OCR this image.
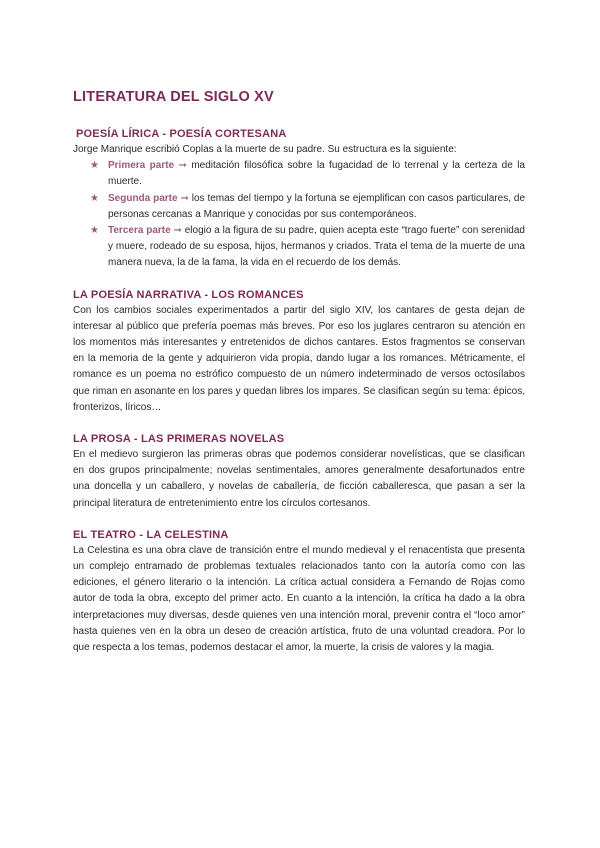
LITERATURA DEL SIGLO XV
POESÍA LÍRICA - POESÍA CORTESANA

Jorge Manrique escribió Coplas a la muerte de su padre. Su estructura es la siguiente:

★ Primera parte ➞ meditación filosófica sobre la fugacidad de lo terrenal y la certeza de la muerte.
★ Segunda parte ➞ los temas del tiempo y la fortuna se ejemplifican con casos particulares, de personas cercanas a Manrique y conocidas por sus contemporáneos.
★ Tercera parte ➞ elogio a la figura de su padre, quien acepta este “trago fuerte” con serenidad y muere, rodeado de su esposa, hijos, hermanos y criados. Trata el tema de la muerte de una manera nueva, la de la fama, la vida en el recuerdo de los demás.
LA POESÍA NARRATIVA - LOS ROMANCES

Con los cambios sociales experimentados a partir del siglo XIV, los cantares de gesta dejan de interesar al público que prefería poemas más breves. Por eso los juglares centraron su atención en los momentos más interesantes y entretenidos de dichos cantares. Estos fragmentos se conservan en la memoria de la gente y adquirieron vida propia, dando lugar a los romances. Métricamente, el romance es un poema no estrófico compuesto de un número indeterminado de versos octosílabos que riman en asonante en los pares y quedan libres los impares. Se clasifican según su tema: épicos, fronterizos, líricos…

LA PROSA - LAS PRIMERAS NOVELAS

En el medievo surgieron las primeras obras que podemos considerar novelísticas, que se clasifican en dos grupos principalmente; novelas sentimentales, amores generalmente desafortunados entre una doncella y un caballero, y novelas de caballería, de ficción caballeresca, que pasan a ser la principal literatura de entretenimiento entre los círculos cortesanos.

EL TEATRO - LA CELESTINA

La Celestina es una obra clave de transición entre el mundo medieval y el renacentista que presenta un complejo entramado de problemas textuales relacionados tanto con la autoría como con las ediciones, el género literario o la intención. La crítica actual considera a Fernando de Rojas como autor de toda la obra, excepto del primer acto. En cuanto a la intención, la crítica ha dado a la obra interpretaciones muy diversas, desde quienes ven una intención moral, prevenir contra el “loco amor” hasta quienes ven en la obra un deseo de creación artística, fruto de una voluntad creadora. Por lo que respecta a los temas, podemos destacar el amor, la muerte, la crisis de valores y la magia.
